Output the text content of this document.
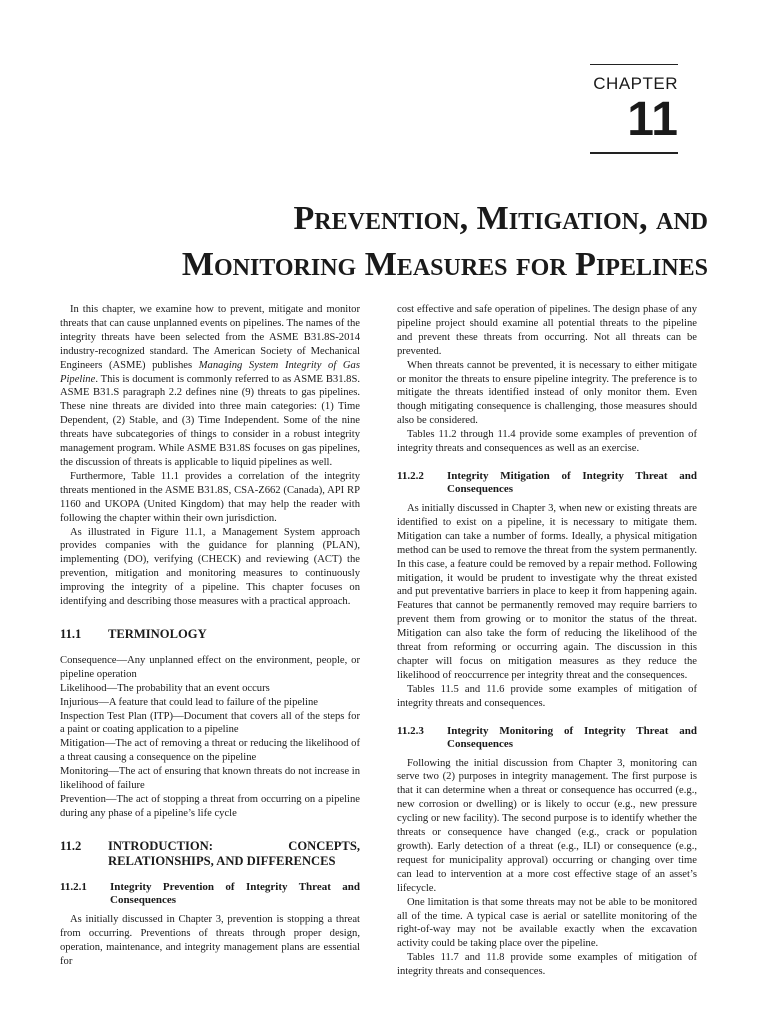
CHAPTER
11
Prevention, Mitigation, and
Monitoring Measures for Pipelines

In this chapter, we examine how to prevent, mitigate and monitor threats that can cause unplanned events on pipelines. The names of the integrity threats have been selected from the ASME B31.8S-2014 industry-recognized standard. The American Society of Mechanical Engineers (ASME) publishes Managing System Integrity of Gas Pipeline. This is document is commonly referred to as ASME B31.8S. ASME B31.S paragraph 2.2 defines nine (9) threats to gas pipelines. These nine threats are divided into three main categories: (1) Time Dependent, (2) Stable, and (3) Time Independent. Some of the nine threats have subcategories of things to consider in a robust integrity management program. While ASME B31.8S focuses on gas pipelines, the discussion of threats is applicable to liquid pipelines as well.

Furthermore, Table 11.1 provides a correlation of the integrity threats mentioned in the ASME B31.8S, CSA-Z662 (Canada), API RP 1160 and UKOPA (United Kingdom) that may help the reader with following the chapter within their own jurisdiction.

As illustrated in Figure 11.1, a Management System approach provides companies with the guidance for planning (PLAN), implementing (DO), verifying (CHECK) and reviewing (ACT) the prevention, mitigation and monitoring measures to continuously improving the integrity of a pipeline. This chapter focuses on identifying and describing those measures with a practical approach.

11.1	TERMINOLOGY

Consequence—Any unplanned effect on the environment, people, or pipeline operation

Likelihood—The probability that an event occurs

Injurious—A feature that could lead to failure of the pipeline

Inspection Test Plan (ITP)—Document that covers all of the steps for a paint or coating application to a pipeline

Mitigation—The act of removing a threat or reducing the likelihood of a threat causing a consequence on the pipeline

Monitoring—The act of ensuring that known threats do not increase in likelihood of failure

Prevention—The act of stopping a threat from occurring on a pipeline during any phase of a pipeline’s life cycle

11.2	INTRODUCTION: CONCEPTS, RELATIONSHIPS, AND DIFFERENCES
11.2.1	Integrity Prevention of Integrity Threat and Consequences

As initially discussed in Chapter 3, prevention is stopping a threat from occurring. Preventions of threats through proper design, operation, maintenance, and integrity management plans are essential for

cost effective and safe operation of pipelines. The design phase of any pipeline project should examine all potential threats to the pipeline and prevent these threats from occurring. Not all threats can be prevented.

When threats cannot be prevented, it is necessary to either mitigate or monitor the threats to ensure pipeline integrity. The preference is to mitigate the threats identified instead of only monitor them. Even though mitigating consequence is challenging, those measures should also be considered.

Tables 11.2 through 11.4 provide some examples of prevention of integrity threats and consequences as well as an exercise.

11.2.2	Integrity Mitigation of Integrity Threat and Consequences

As initially discussed in Chapter 3, when new or existing threats are identified to exist on a pipeline, it is necessary to mitigate them. Mitigation can take a number of forms. Ideally, a physical mitigation method can be used to remove the threat from the system permanently. In this case, a feature could be removed by a repair method. Following mitigation, it would be prudent to investigate why the threat existed and put preventative barriers in place to keep it from happening again. Features that cannot be permanently removed may require barriers to prevent them from growing or to monitor the status of the threat. Mitigation can also take the form of reducing the likelihood of the threat from reforming or occurring again. The discussion in this chapter will focus on mitigation measures as they reduce the likelihood of reoccurrence per integrity threat and the consequences.

Tables 11.5 and 11.6 provide some examples of mitigation of integrity threats and consequences.

11.2.3	Integrity Monitoring of Integrity Threat and Consequences

Following the initial discussion from Chapter 3, monitoring can serve two (2) purposes in integrity management. The first purpose is that it can determine when a threat or consequence has occurred (e.g., new corrosion or dwelling) or is likely to occur (e.g., new pressure cycling or new facility). The second purpose is to identify whether the threats or consequence have changed (e.g., crack or population growth). Early detection of a threat (e.g., ILI) or consequence (e.g., request for municipality approval) occurring or changing over time can lead to intervention at a more cost effective stage of an asset’s lifecycle.

One limitation is that some threats may not be able to be monitored all of the time. A typical case is aerial or satellite monitoring of the right-of-way may not be available exactly when the excavation activity could be taking place over the pipeline.

Tables 11.7 and 11.8 provide some examples of mitigation of integrity threats and consequences.
